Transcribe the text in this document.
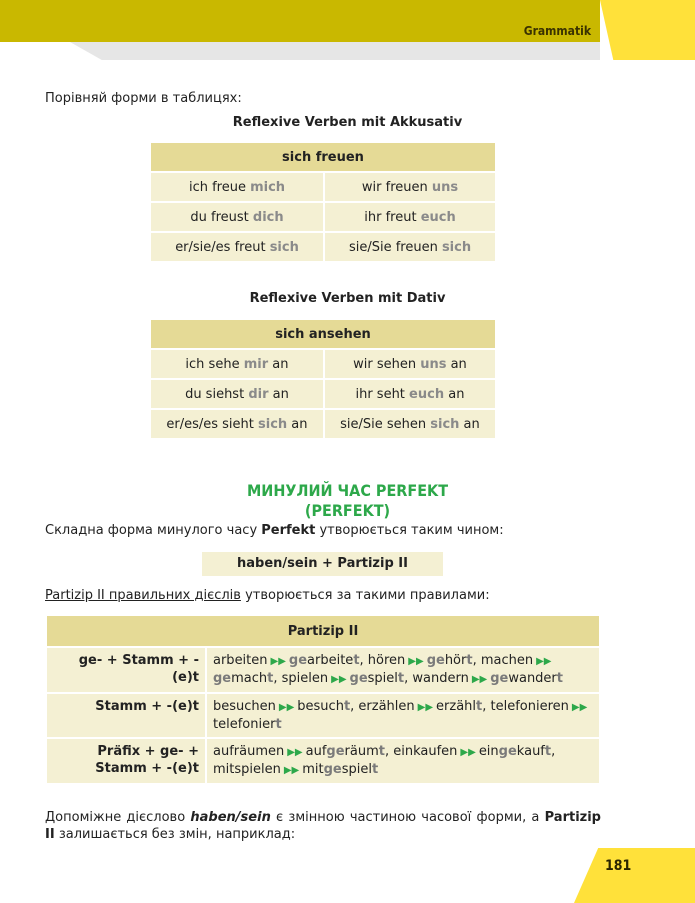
Grammatik
Порівняй форми в таблицях:
Reflexive Verben mit Akkusativ
sich freuen	
ich freue mich	wir freuen uns
du freust dich	ihr freut euch
er/sie/es freut sich	sie/Sie freuen sich
Reflexive Verben mit Dativ
sich ansehen	
ich sehe mir an	wir sehen uns an
du siehst dir an	ihr seht euch an
er/es/es sieht sich an	sie/Sie sehen sich an
МИНУЛИЙ ЧАС PERFEKT
(PERFEKT)
Складна форма минулого часу Perfekt утворюється таким чином:
haben/sein + Partizip II
Partizip II правильних дієслів утворюється за такими правилами:
Partizip II	
ge- + Stamm + -(e)t	arbeiten ▶▶ gearbeitet, hören ▶▶ gehört, machen ▶▶
gemacht, spielen ▶▶ gespielt, wandern ▶▶ gewandert
Stamm + -(e)t	besuchen ▶▶ besucht, erzählen ▶▶ erzählt, telefonieren ▶▶
telefoniert
Präfix + ge- +
Stamm + -(e)t	aufräumen ▶▶ aufgeräumt, einkaufen ▶▶ eingekauft,
mitspielen ▶▶ mitgespielt
Допоміжне дієслово haben/sein є змінною частиною часової форми, а Partizip II залишається без змін, наприклад:
181
